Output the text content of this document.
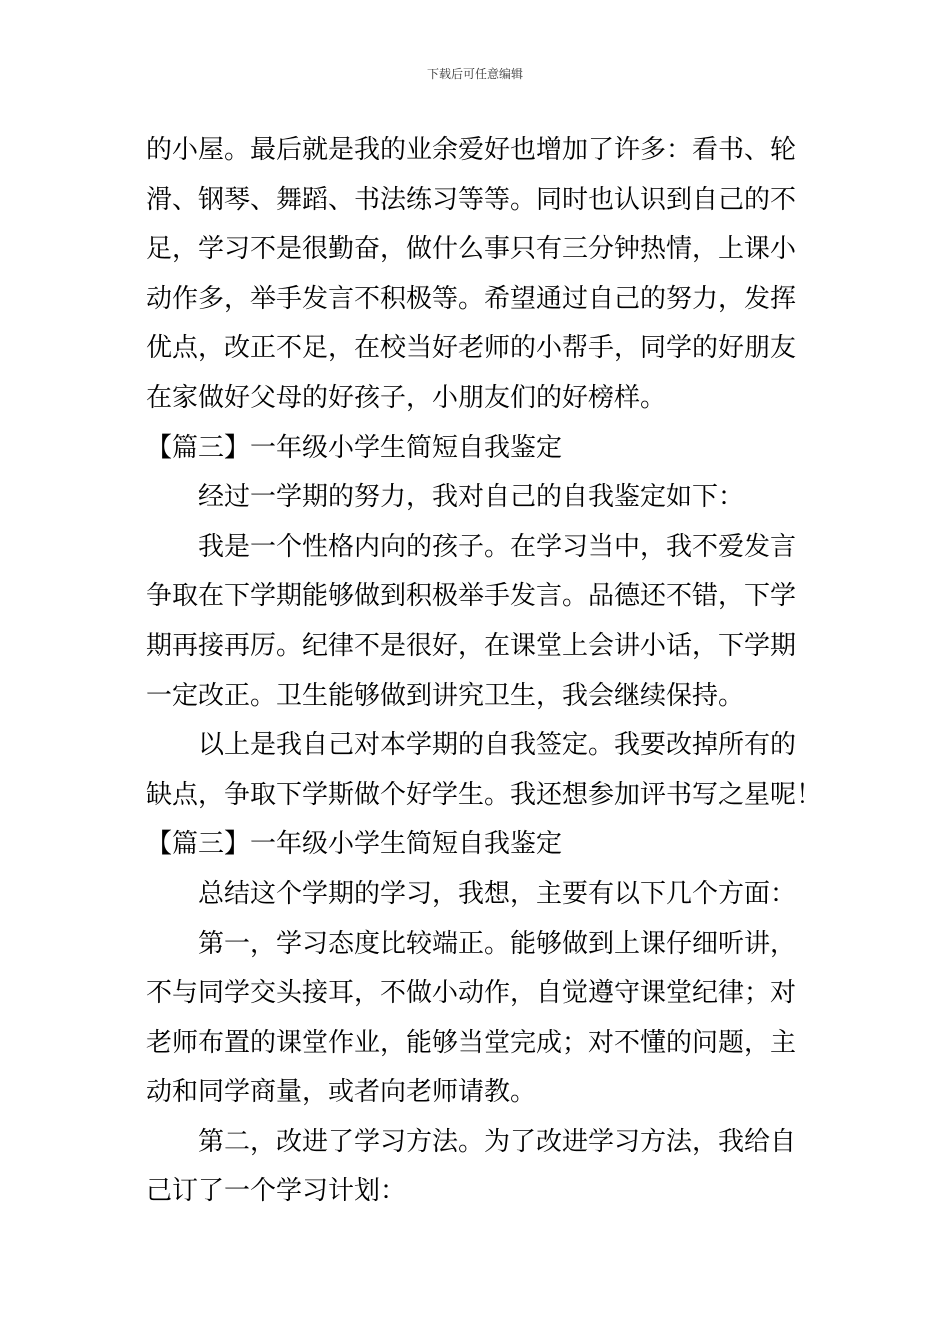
下载后可任意编辑
的小屋。最后就是我的业余爱好也增加了许多：看书、轮
滑、钢琴、舞蹈、书法练习等等。同时也认识到自己的不
足，学习不是很勤奋，做什么事只有三分钟热情，上课小
动作多，举手发言不积极等。希望通过自己的努力，发挥
优点，改正不足，在校当好老师的小帮手，同学的好朋友
在家做好父母的好孩子，小朋友们的好榜样。
【篇三】一年级小学生简短自我鉴定
经过一学期的努力，我对自己的自我鉴定如下：
我是一个性格内向的孩子。在学习当中，我不爱发言
争取在下学期能够做到积极举手发言。品德还不错，下学
期再接再厉。纪律不是很好，在课堂上会讲小话，下学期
一定改正。卫生能够做到讲究卫生，我会继续保持。
以上是我自己对本学期的自我签定。我要改掉所有的
缺点，争取下学斯做个好学生。我还想参加评书写之星呢！
【篇三】一年级小学生简短自我鉴定
总结这个学期的学习，我想，主要有以下几个方面：
第一，学习态度比较端正。能够做到上课仔细听讲，
不与同学交头接耳，不做小动作，自觉遵守课堂纪律；对
老师布置的课堂作业，能够当堂完成；对不懂的问题，主
动和同学商量，或者向老师请教。
第二，改进了学习方法。为了改进学习方法，我给自
己订了一个学习计划：
